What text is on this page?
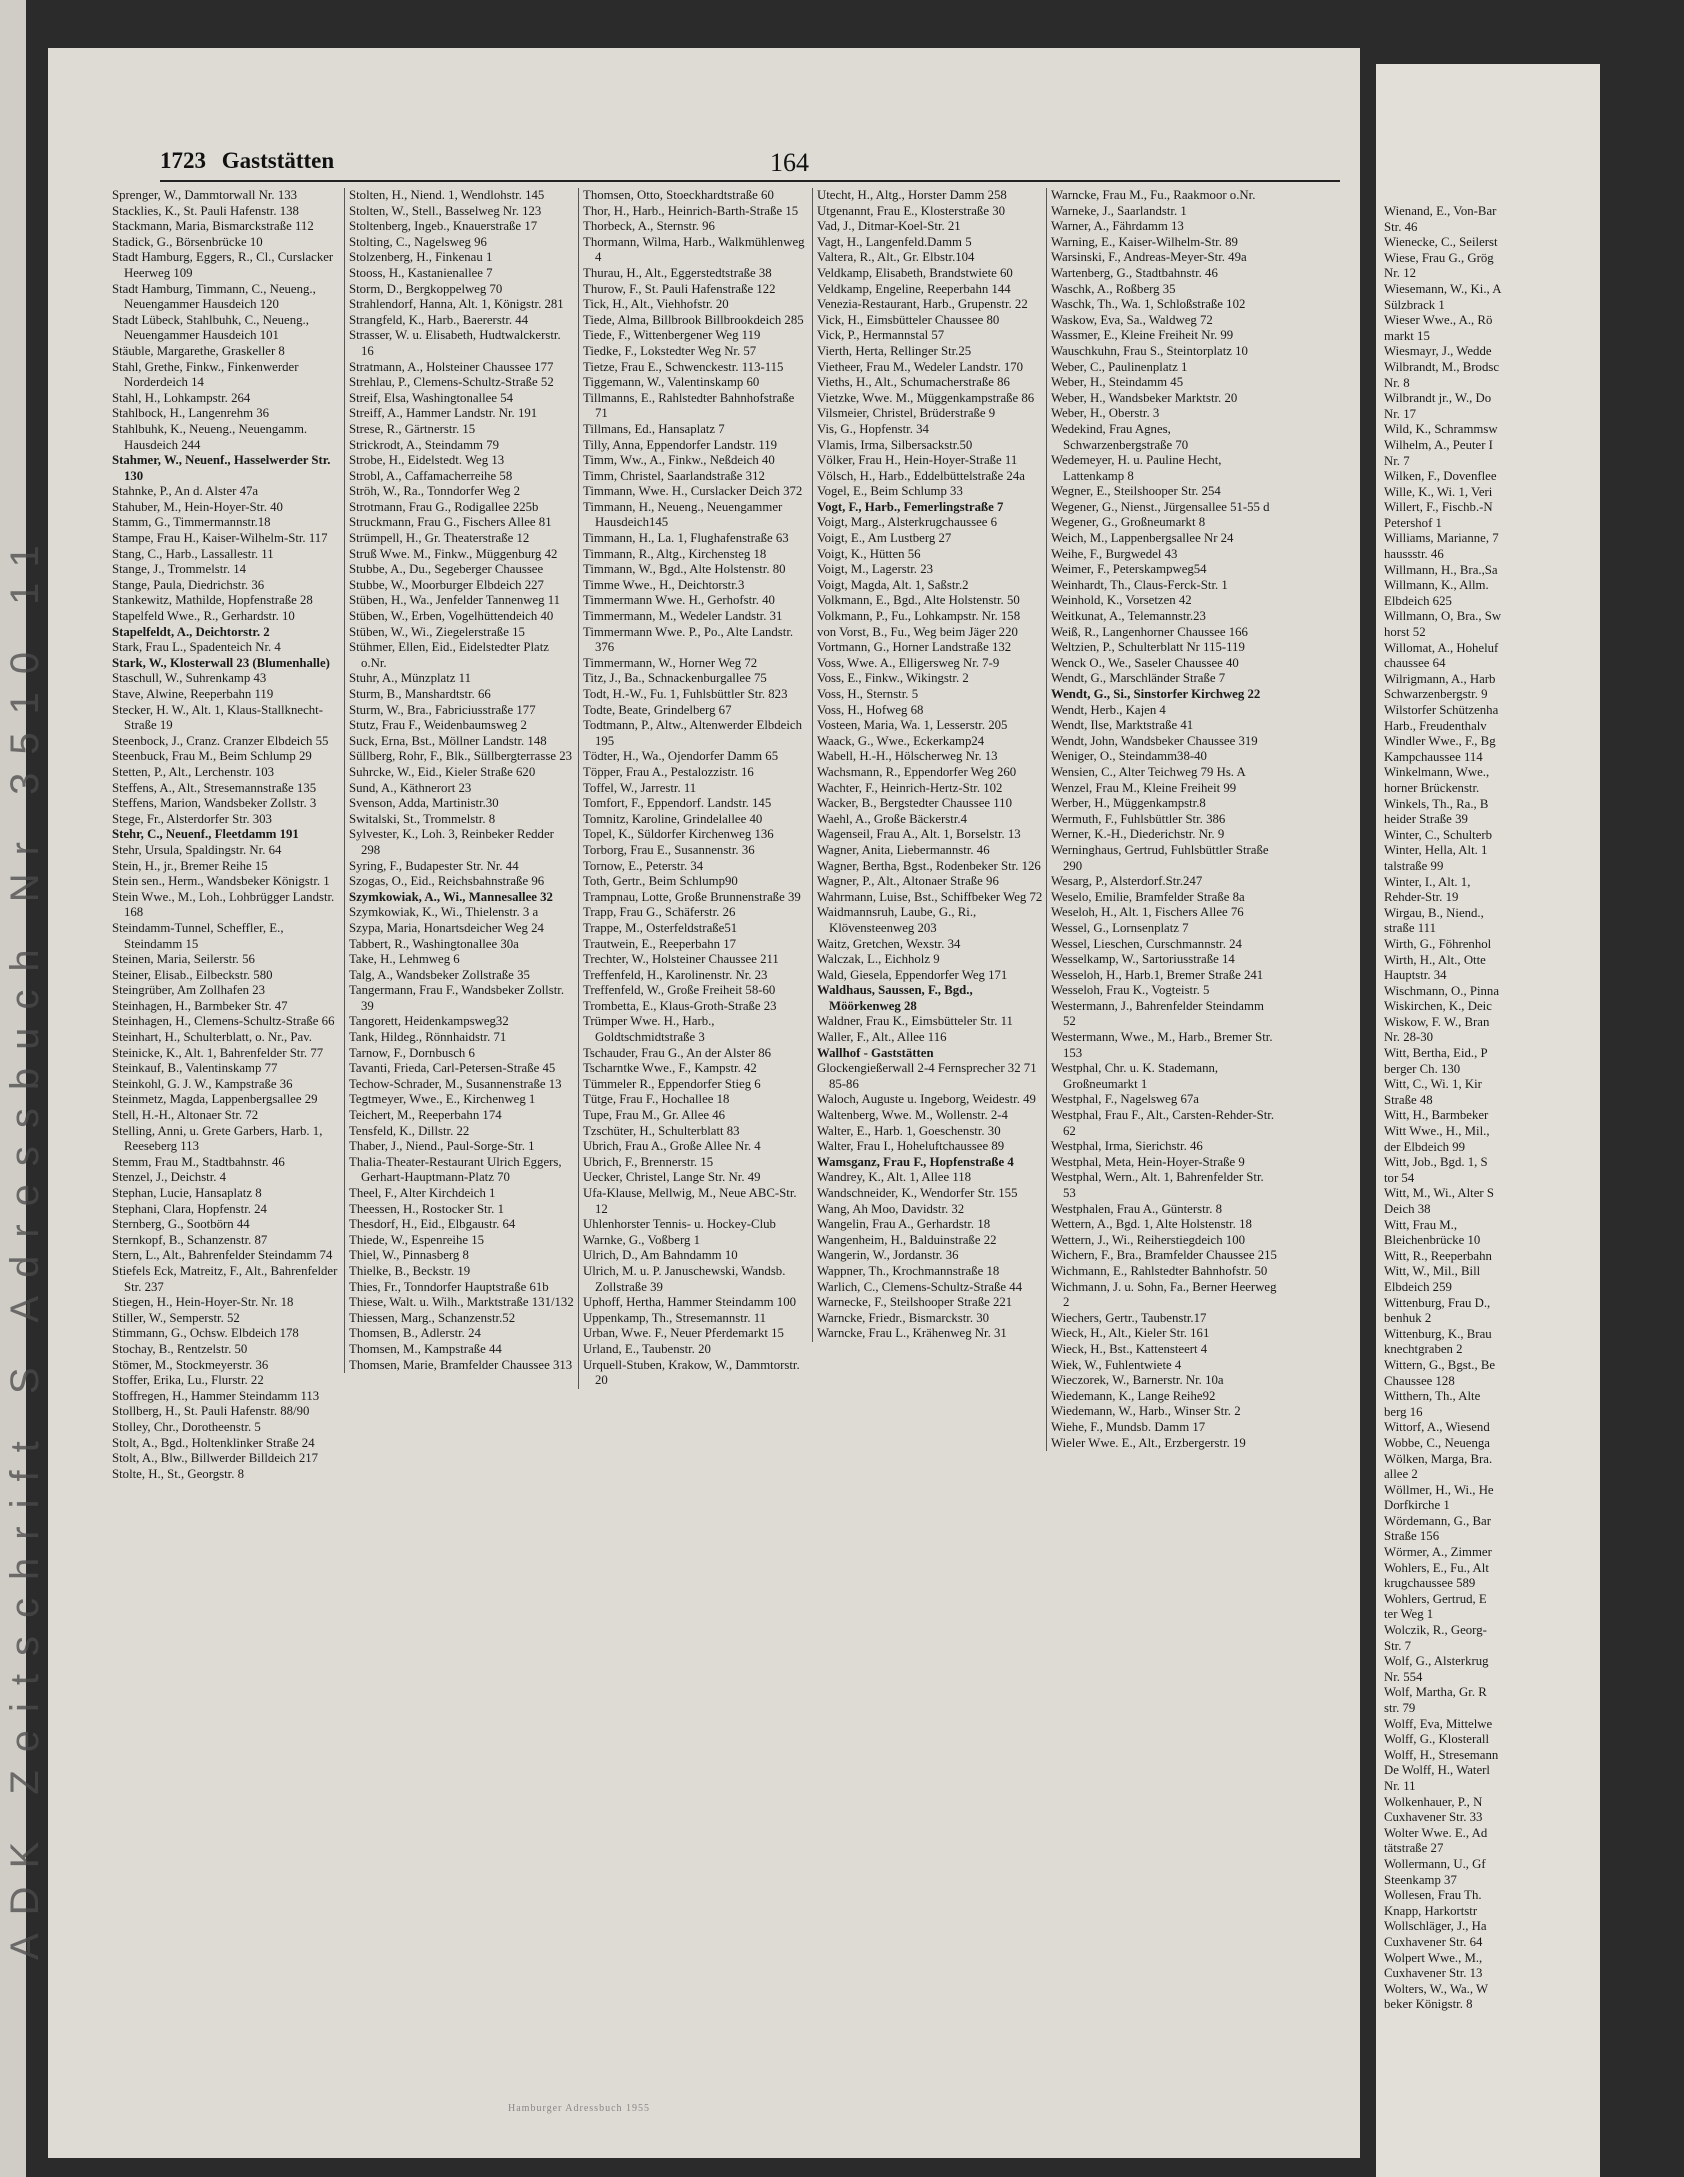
ADK Zeitschrift S Adressbuch Nr 3510 11
1723 Gaststätten	164
Sprenger, W., Dammtorwall Nr. 133
Stacklies, K., St. Pauli Hafenstr. 138
Stackmann, Maria, Bismarckstraße 112
Stadick, G., Börsenbrücke 10
Stadt Hamburg, Eggers, R., Cl., Curslacker Heerweg 109
Stadt Hamburg, Timmann, C., Neueng., Neuengammer Hausdeich 120
Stadt Lübeck, Stahlbuhk, C., Neueng., Neuengammer Hausdeich 101
Stäuble, Margarethe, Graskeller 8
Stahl, Grethe, Finkw., Finkenwerder Norderdeich 14
Stahl, H., Lohkampstr. 264
Stahlbock, H., Langenrehm 36
Stahlbuhk, K., Neueng., Neuengamm. Hausdeich 244
Stahmer, W., Neuenf., Hasselwerder Str. 130
Stahnke, P., An d. Alster 47a
Stahuber, M., Hein-Hoyer-Str. 40
Stamm, G., Timmermannstr.18
Stampe, Frau H., Kaiser-Wilhelm-Str. 117
Stang, C., Harb., Lassallestr. 11
Stange, J., Trommelstr. 14
Stange, Paula, Diedrichstr. 36
Stankewitz, Mathilde, Hopfenstraße 28
Stapelfeld Wwe., R., Gerhardstr. 10
Stapelfeldt, A., Deichtorstr. 2
Stark, Frau L., Spadenteich Nr. 4
Stark, W., Klosterwall 23 (Blumenhalle)
Staschull, W., Suhrenkamp 43
Stave, Alwine, Reeperbahn 119
Stecker, H. W., Alt. 1, Klaus-Stallknecht-Straße 19
Steenbock, J., Cranz. Cranzer Elbdeich 55
Steenbuck, Frau M., Beim Schlump 29
Stetten, P., Alt., Lerchenstr. 103
Steffens, A., Alt., Stresemannstraße 135
Steffens, Marion, Wandsbeker Zollstr. 3
Stege, Fr., Alsterdorfer Str. 303
Stehr, C., Neuenf., Fleetdamm 191
Stehr, Ursula, Spaldingstr. Nr. 64
Stein, H., jr., Bremer Reihe 15
Stein sen., Herm., Wandsbeker Königstr. 1
Stein Wwe., M., Loh., Lohbrügger Landstr. 168
Steindamm-Tunnel, Scheffler, E., Steindamm 15
Steinen, Maria, Seilerstr. 56
Steiner, Elisab., Eilbeckstr. 580
Steingrüber, Am Zollhafen 23
Steinhagen, H., Barmbeker Str. 47
Steinhagen, H., Clemens-Schultz-Straße 66
Steinhart, H., Schulterblatt, o. Nr., Pav.
Steinicke, K., Alt. 1, Bahrenfelder Str. 77
Steinkauf, B., Valentinskamp 77
Steinkohl, G. J. W., Kampstraße 36
Steinmetz, Magda, Lappenbergsallee 29
Stell, H.-H., Altonaer Str. 72
Stelling, Anni, u. Grete Garbers, Harb. 1, Reeseberg 113
Stemm, Frau M., Stadtbahnstr. 46
Stenzel, J., Deichstr. 4
Stephan, Lucie, Hansaplatz 8
Stephani, Clara, Hopfenstr. 24
Sternberg, G., Sootbörn 44
Sternkopf, B., Schanzenstr. 87
Stern, L., Alt., Bahrenfelder Steindamm 74
Stiefels Eck, Matreitz, F., Alt., Bahrenfelder Str. 237
Stiegen, H., Hein-Hoyer-Str. Nr. 18
Stiller, W., Semperstr. 52
Stimmann, G., Ochsw. Elbdeich 178
Stochay, B., Rentzelstr. 50
Stömer, M., Stockmeyerstr. 36
Stoffer, Erika, Lu., Flurstr. 22
Stoffregen, H., Hammer Steindamm 113
Stollberg, H., St. Pauli Hafenstr. 88/90
Stolley, Chr., Dorotheenstr. 5
Stolt, A., Bgd., Holtenklinker Straße 24
Stolt, A., Blw., Billwerder Billdeich 217
Stolte, H., St., Georgstr. 8
Stolten, H., Niend. 1, Wendlohstr. 145
Stolten, W., Stell., Basselweg Nr. 123
Stoltenberg, Ingeb., Knauerstraße 17
Stolting, C., Nagelsweg 96
Stolzenberg, H., Finkenau 1
Stooss, H., Kastanienallee 7
Storm, D., Bergkoppelweg 70
Strahlendorf, Hanna, Alt. 1, Königstr. 281
Strangfeld, K., Harb., Baererstr. 44
Strasser, W. u. Elisabeth, Hudtwalckerstr. 16
Stratmann, A., Holsteiner Chaussee 177
Strehlau, P., Clemens-Schultz-Straße 52
Streif, Elsa, Washingtonallee 54
Streiff, A., Hammer Landstr. Nr. 191
Strese, R., Gärtnerstr. 15
Strickrodt, A., Steindamm 79
Strobe, H., Eidelstedt. Weg 13
Strobl, A., Caffamacherreihe 58
Ströh, W., Ra., Tonndorfer Weg 2
Strotmann, Frau G., Rodigallee 225b
Struckmann, Frau G., Fischers Allee 81
Strümpell, H., Gr. Theaterstraße 12
Struß Wwe. M., Finkw., Müggenburg 42
Stubbe, A., Du., Segeberger Chaussee
Stubbe, W., Moorburger Elbdeich 227
Stüben, H., Wa., Jenfelder Tannenweg 11
Stüben, W., Erben, Vogelhüttendeich 40
Stüben, W., Wi., Ziegelerstraße 15
Stühmer, Ellen, Eid., Eidelstedter Platz o.Nr.
Stuhr, A., Münzplatz 11
Sturm, B., Manshardtstr. 66
Sturm, W., Bra., Fabriciusstraße 177
Stutz, Frau F., Weidenbaumsweg 2
Suck, Erna, Bst., Möllner Landstr. 148
Süllberg, Rohr, F., Blk., Süllbergterrasse 23
Suhrcke, W., Eid., Kieler Straße 620
Sund, A., Käthnerort 23
Svenson, Adda, Martinistr.30
Switalski, St., Trommelstr. 8
Sylvester, K., Loh. 3, Reinbeker Redder 298
Syring, F., Budapester Str. Nr. 44
Szogas, O., Eid., Reichsbahnstraße 96
Szymkowiak, A., Wi., Mannesallee 32
Szymkowiak, K., Wi., Thielenstr. 3 a
Szypa, Maria, Honartsdeicher Weg 24
Tabbert, R., Washingtonallee 30a
Take, H., Lehmweg 6
Talg, A., Wandsbeker Zollstraße 35
Tangermann, Frau F., Wandsbeker Zollstr. 39
Tangorett, Heidenkampsweg32
Tank, Hildeg., Rönnhaidstr. 71
Tarnow, F., Dornbusch 6
Tavanti, Frieda, Carl-Petersen-Straße 45
Techow-Schrader, M., Susannenstraße 13
Tegtmeyer, Wwe., E., Kirchenweg 1
Teichert, M., Reeperbahn 174
Tensfeld, K., Dillstr. 22
Thaber, J., Niend., Paul-Sorge-Str. 1
Thalia-Theater-Restaurant Ulrich Eggers, Gerhart-Hauptmann-Platz 70
Theel, F., Alter Kirchdeich 1
Theessen, H., Rostocker Str. 1
Thesdorf, H., Eid., Elbgaustr. 64
Thiede, W., Espenreihe 15
Thiel, W., Pinnasberg 8
Thielke, B., Beckstr. 19
Thies, Fr., Tonndorfer Hauptstraße 61b
Thiese, Walt. u. Wilh., Marktstraße 131/132
Thiessen, Marg., Schanzenstr.52
Thomsen, B., Adlerstr. 24
Thomsen, M., Kampstraße 44
Thomsen, Marie, Bramfelder Chaussee 313
Thomsen, Otto, Stoeckhardtstraße 60
Thor, H., Harb., Heinrich-Barth-Straße 15
Thorbeck, A., Sternstr. 96
Thormann, Wilma, Harb., Walkmühlenweg 4
Thurau, H., Alt., Eggerstedtstraße 38
Thurow, F., St. Pauli Hafenstraße 122
Tick, H., Alt., Viehhofstr. 20
Tiede, Alma, Billbrook Billbrookdeich 285
Tiede, F., Wittenbergener Weg 119
Tiedke, F., Lokstedter Weg Nr. 57
Tietze, Frau E., Schwenckestr. 113-115
Tiggemann, W., Valentinskamp 60
Tillmanns, E., Rahlstedter Bahnhofstraße 71
Tillmans, Ed., Hansaplatz 7
Tilly, Anna, Eppendorfer Landstr. 119
Timm, Ww., A., Finkw., Neßdeich 40
Timm, Christel, Saarlandstraße 312
Timmann, Wwe. H., Curslacker Deich 372
Timmann, H., Neueng., Neuengammer Hausdeich145
Timmann, H., La. 1, Flughafenstraße 63
Timmann, R., Altg., Kirchensteg 18
Timmann, W., Bgd., Alte Holstenstr. 80
Timme Wwe., H., Deichtorstr.3
Timmermann Wwe. H., Gerhofstr. 40
Timmermann, M., Wedeler Landstr. 31
Timmermann Wwe. P., Po., Alte Landstr. 376
Timmermann, W., Horner Weg 72
Titz, J., Ba., Schnackenburgallee 75
Todt, H.-W., Fu. 1, Fuhlsbüttler Str. 823
Todte, Beate, Grindelberg 67
Todtmann, P., Altw., Altenwerder Elbdeich 195
Tödter, H., Wa., Ojendorfer Damm 65
Töpper, Frau A., Pestalozzistr. 16
Toffel, W., Jarrestr. 11
Tomfort, F., Eppendorf. Landstr. 145
Tomnitz, Karoline, Grindelallee 40
Topel, K., Süldorfer Kirchenweg 136
Torborg, Frau E., Susannenstr. 36
Tornow, E., Peterstr. 34
Toth, Gertr., Beim Schlump90
Trampnau, Lotte, Große Brunnenstraße 39
Trapp, Frau G., Schäferstr. 26
Trappe, M., Osterfeldstraße51
Trautwein, E., Reeperbahn 17
Trechter, W., Holsteiner Chaussee 211
Treffenfeld, H., Karolinenstr. Nr. 23
Treffenfeld, W., Große Freiheit 58-60
Trombetta, E., Klaus-Groth-Straße 23
Trümper Wwe. H., Harb., Goldtschmidtstraße 3
Tschauder, Frau G., An der Alster 86
Tscharntke Wwe., F., Kampstr. 42
Tümmeler R., Eppendorfer Stieg 6
Tütge, Frau F., Hochallee 18
Tupe, Frau M., Gr. Allee 46
Tzschüter, H., Schulterblatt 83
Ubrich, Frau A., Große Allee Nr. 4
Ubrich, F., Brennerstr. 15
Uecker, Christel, Lange Str. Nr. 49
Ufa-Klause, Mellwig, M., Neue ABC-Str. 12
Uhlenhorster Tennis- u. Hockey-Club
Warnke, G., Voßberg 1
Ulrich, D., Am Bahndamm 10
Ulrich, M. u. P. Januschewski, Wandsb. Zollstraße 39
Uphoff, Hertha, Hammer Steindamm 100
Uppenkamp, Th., Stresemannstr. 11
Urban, Wwe. F., Neuer Pferdemarkt 15
Urland, E., Taubenstr. 20
Urquell-Stuben, Krakow, W., Dammtorstr. 20
Utecht, H., Altg., Horster Damm 258
Utgenannt, Frau E., Klosterstraße 30
Vad, J., Ditmar-Koel-Str. 21
Vagt, H., Langenfeld.Damm 5
Valtera, R., Alt., Gr. Elbstr.104
Veldkamp, Elisabeth, Brandstwiete 60
Veldkamp, Engeline, Reeperbahn 144
Venezia-Restaurant, Harb., Grupenstr. 22
Vick, H., Eimsbütteler Chaussee 80
Vick, P., Hermannstal 57
Vierth, Herta, Rellinger Str.25
Vietheer, Frau M., Wedeler Landstr. 170
Vieths, H., Alt., Schumacherstraße 86
Vietzke, Wwe. M., Müggenkampstraße 86
Vilsmeier, Christel, Brüderstraße 9
Vis, G., Hopfenstr. 34
Vlamis, Irma, Silbersackstr.50
Völker, Frau H., Hein-Hoyer-Straße 11
Völsch, H., Harb., Eddelbüttelstraße 24a
Vogel, E., Beim Schlump 33
Vogt, F., Harb., Femerlingstraße 7
Voigt, Marg., Alsterkrugchaussee 6
Voigt, E., Am Lustberg 27
Voigt, K., Hütten 56
Voigt, M., Lagerstr. 23
Voigt, Magda, Alt. 1, Saßstr.2
Volkmann, E., Bgd., Alte Holstenstr. 50
Volkmann, P., Fu., Lohkampstr. Nr. 158
von Vorst, B., Fu., Weg beim Jäger 220
Vortmann, G., Horner Landstraße 132
Voss, Wwe. A., Elligersweg Nr. 7-9
Voss, E., Finkw., Wikingstr. 2
Voss, H., Sternstr. 5
Voss, H., Hofweg 68
Vosteen, Maria, Wa. 1, Lesserstr. 205
Waack, G., Wwe., Eckerkamp24
Wabell, H.-H., Hölscherweg Nr. 13
Wachsmann, R., Eppendorfer Weg 260
Wachter, F., Heinrich-Hertz-Str. 102
Wacker, B., Bergstedter Chaussee 110
Waehl, A., Große Bäckerstr.4
Wagenseil, Frau A., Alt. 1, Borselstr. 13
Wagner, Anita, Liebermannstr. 46
Wagner, Bertha, Bgst., Rodenbeker Str. 126
Wagner, P., Alt., Altonaer Straße 96
Wahrmann, Luise, Bst., Schiffbeker Weg 72
Waidmannsruh, Laube, G., Ri., Klövensteenweg 203
Waitz, Gretchen, Wexstr. 34
Walczak, L., Eichholz 9
Wald, Giesela, Eppendorfer Weg 171
Waldhaus, Saussen, F., Bgd., Möörkenweg 28
Waldner, Frau K., Eimsbütteler Str. 11
Waller, F., Alt., Allee 116
Wallhof - Gaststätten
Glockengießerwall 2-4 Fernsprecher 32 71 85-86
Waloch, Auguste u. Ingeborg, Weidestr. 49
Waltenberg, Wwe. M., Wollenstr. 2-4
Walter, E., Harb. 1, Goeschenstr. 30
Walter, Frau I., Hoheluftchaussee 89
Wamsganz, Frau F., Hopfenstraße 4
Wandrey, K., Alt. 1, Allee 118
Wandschneider, K., Wendorfer Str. 155
Wang, Ah Moo, Davidstr. 32
Wangelin, Frau A., Gerhardstr. 18
Wangenheim, H., Balduinstraße 22
Wangerin, W., Jordanstr. 36
Wappner, Th., Krochmannstraße 18
Warlich, C., Clemens-Schultz-Straße 44
Warnecke, F., Steilshooper Straße 221
Warncke, Friedr., Bismarckstr. 30
Warncke, Frau L., Krähenweg Nr. 31
Warncke, Frau M., Fu., Raakmoor o.Nr.
Warneke, J., Saarlandstr. 1
Warner, A., Fährdamm 13
Warning, E., Kaiser-Wilhelm-Str. 89
Warsinski, F., Andreas-Meyer-Str. 49a
Wartenberg, G., Stadtbahnstr. 46
Waschk, A., Roßberg 35
Waschk, Th., Wa. 1, Schloßstraße 102
Waskow, Eva, Sa., Waldweg 72
Wassmer, E., Kleine Freiheit Nr. 99
Wauschkuhn, Frau S., Steintorplatz 10
Weber, C., Paulinenplatz 1
Weber, H., Steindamm 45
Weber, H., Wandsbeker Marktstr. 20
Weber, H., Oberstr. 3
Wedekind, Frau Agnes, Schwarzenbergstraße 70
Wedemeyer, H. u. Pauline Hecht, Lattenkamp 8
Wegner, E., Steilshooper Str. 254
Wegener, G., Nienst., Jürgensallee 51-55 d
Wegener, G., Großneumarkt 8
Weich, M., Lappenbergsallee Nr 24
Weihe, F., Burgwedel 43
Weimer, F., Peterskampweg54
Weinhardt, Th., Claus-Ferck-Str. 1
Weinhold, K., Vorsetzen 42
Weitkunat, A., Telemannstr.23
Weiß, R., Langenhorner Chaussee 166
Weltzien, P., Schulterblatt Nr 115-119
Wenck O., We., Saseler Chaussee 40
Wendt, G., Marschländer Straße 7
Wendt, G., Si., Sinstorfer Kirchweg 22
Wendt, Herb., Kajen 4
Wendt, Ilse, Marktstraße 41
Wendt, John, Wandsbeker Chaussee 319
Weniger, O., Steindamm38-40
Wensien, C., Alter Teichweg 79 Hs. A
Wenzel, Frau M., Kleine Freiheit 99
Werber, H., Müggenkampstr.8
Wermuth, F., Fuhlsbüttler Str. 386
Werner, K.-H., Diederichstr. Nr. 9
Werninghaus, Gertrud, Fuhlsbüttler Straße 290
Wesarg, P., Alsterdorf.Str.247
Weselo, Emilie, Bramfelder Straße 8a
Weseloh, H., Alt. 1, Fischers Allee 76
Wessel, G., Lornsenplatz 7
Wessel, Lieschen, Curschmannstr. 24
Wesselkamp, W., Sartoriusstraße 14
Wesseloh, H., Harb.1, Bremer Straße 241
Wesseloh, Frau K., Vogteistr. 5
Westermann, J., Bahrenfelder Steindamm 52
Westermann, Wwe., M., Harb., Bremer Str. 153
Westphal, Chr. u. K. Stademann, Großneumarkt 1
Westphal, F., Nagelsweg 67a
Westphal, Frau F., Alt., Carsten-Rehder-Str. 62
Westphal, Irma, Sierichstr. 46
Westphal, Meta, Hein-Hoyer-Straße 9
Westphal, Wern., Alt. 1, Bahrenfelder Str. 53
Westphalen, Frau A., Günterstr. 8
Wettern, A., Bgd. 1, Alte Holstenstr. 18
Wettern, J., Wi., Reiherstiegdeich 100
Wichern, F., Bra., Bramfelder Chaussee 215
Wichmann, E., Rahlstedter Bahnhofstr. 50
Wichmann, J. u. Sohn, Fa., Berner Heerweg 2
Wiechers, Gertr., Taubenstr.17
Wieck, H., Alt., Kieler Str. 161
Wieck, H., Bst., Kattensteert 4
Wiek, W., Fuhlentwiete 4
Wieczorek, W., Barnerstr. Nr. 10a
Wiedemann, K., Lange Reihe92
Wiedemann, W., Harb., Winser Str. 2
Wiehe, F., Mundsb. Damm 17
Wieler Wwe. E., Alt., Erzbergerstr. 19
Hamburger Adressbuch 1955
Wienand, E., Von-Bar
Str. 46
Wienecke, C., Seilerst
Wiese, Frau G., Grög
Nr. 12
Wiesemann, W., Ki., A
Sülzbrack 1
Wieser Wwe., A., Rö
markt 15
Wiesmayr, J., Wedde
Wilbrandt, M., Brodsc
Nr. 8
Wilbrandt jr., W., Do
Nr. 17
Wild, K., Schrammsw
Wilhelm, A., Peuter I
Nr. 7
Wilken, F., Dovenflee
Wille, K., Wi. 1, Veri
Willert, F., Fischb.-N
Petershof 1
Williams, Marianne, 7
haussstr. 46
Willmann, H., Bra.,Sa
Willmann, K., Allm.
Elbdeich 625
Willmann, O, Bra., Sw
horst 52
Willomat, A., Hoheluf
chaussee 64
Wilrigmann, A., Harb
Schwarzenbergstr. 9
Wilstorfer Schützenha
Harb., Freudenthalv
Windler Wwe., F., Bg
Kampchaussee 114
Winkelmann, Wwe.,
horner Brückenstr.
Winkels, Th., Ra., B
heider Straße 39
Winter, C., Schulterb
Winter, Hella, Alt. 1
talstraße 99
Winter, I., Alt. 1,
Rehder-Str. 19
Wirgau, B., Niend.,
straße 111
Wirth, G., Föhrenhol
Wirth, H., Alt., Otte
Hauptstr. 34
Wischmann, O., Pinna
Wiskirchen, K., Deic
Wiskow, F. W., Bran
Nr. 28-30
Witt, Bertha, Eid., P
berger Ch. 130
Witt, C., Wi. 1, Kir
Straße 48
Witt, H., Barmbeker
Witt Wwe., H., Mil.,
der Elbdeich 99
Witt, Job., Bgd. 1, S
tor 54
Witt, M., Wi., Alter S
Deich 38
Witt, Frau M.,
Bleichenbrücke 10
Witt, R., Reeperbahn
Witt, W., Mil., Bill
Elbdeich 259
Wittenburg, Frau D.,
benhuk 2
Wittenburg, K., Brau
knechtgraben 2
Wittern, G., Bgst., Be
Chaussee 128
Witthern, Th., Alte
berg 16
Wittorf, A., Wiesend
Wobbe, C., Neuenga
Wölken, Marga, Bra.
allee 2
Wöllmer, H., Wi., He
Dorfkirche 1
Wördemann, G., Bar
Straße 156
Wörmer, A., Zimmer
Wohlers, E., Fu., Alt
krugchaussee 589
Wohlers, Gertrud, E
ter Weg 1
Wolczik, R., Georg-
Str. 7
Wolf, G., Alsterkrug
Nr. 554
Wolf, Martha, Gr. R
str. 79
Wolff, Eva, Mittelwe
Wolff, G., Klosterall
Wolff, H., Stresemann
De Wolff, H., Waterl
Nr. 11
Wolkenhauer, P., N
Cuxhavener Str. 33
Wolter Wwe. E., Ad
tätstraße 27
Wollermann, U., Gf
Steenkamp 37
Wollesen, Frau Th.
Knapp, Harkortstr
Wollschläger, J., Ha
Cuxhavener Str. 64
Wolpert Wwe., M.,
Cuxhavener Str. 13
Wolters, W., Wa., W
beker Königstr. 8
